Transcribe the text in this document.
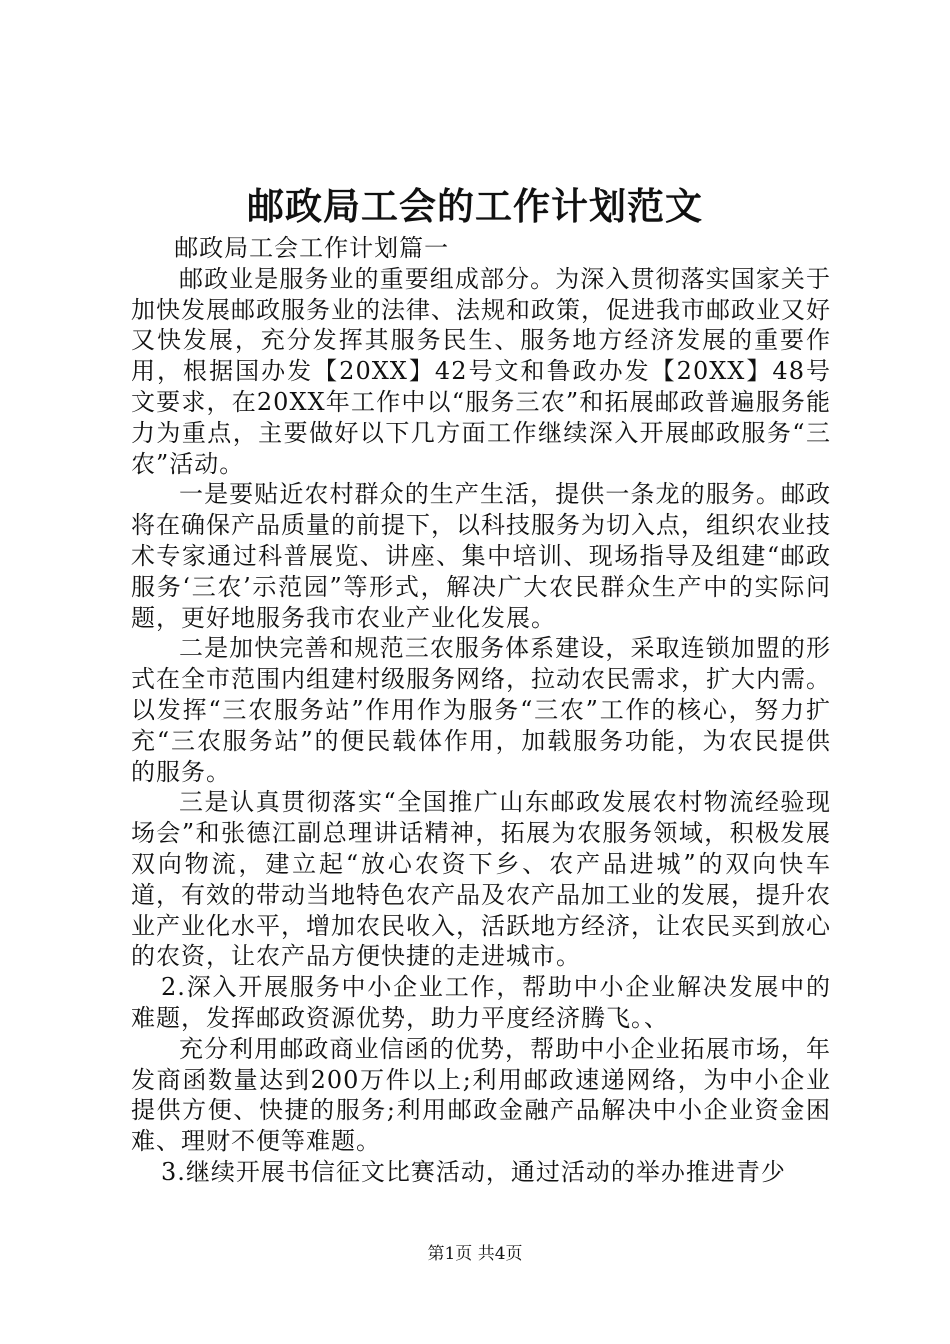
邮政局工会的工作计划范文

邮政局工会工作计划篇一

邮政业是服务业的重要组成部分。为深入贯彻落实国家关于加快发展邮政服务业的法律、法规和政策，促进我市邮政业又好又快发展，充分发挥其服务民生、服务地方经济发展的重要作用，根据国办发【20XX】42号文和鲁政办发【20XX】48号文要求，在20XX年工作中以“服务三农”和拓展邮政普遍服务能力为重点，主要做好以下几方面工作继续深入开展邮政服务“三农”活动。

一是要贴近农村群众的生产生活，提供一条龙的服务。邮政将在确保产品质量的前提下，以科技服务为切入点，组织农业技术专家通过科普展览、讲座、集中培训、现场指导及组建“邮政服务‘三农’示范园”等形式，解决广大农民群众生产中的实际问题，更好地服务我市农业产业化发展。

二是加快完善和规范三农服务体系建设，采取连锁加盟的形式在全市范围内组建村级服务网络，拉动农民需求，扩大内需。以发挥“三农服务站”作用作为服务“三农”工作的核心，努力扩充“三农服务站”的便民载体作用，加载服务功能，为农民提供的服务。

三是认真贯彻落实“全国推广山东邮政发展农村物流经验现场会”和张德江副总理讲话精神，拓展为农服务领域，积极发展双向物流，建立起“放心农资下乡、农产品进城”的双向快车道，有效的带动当地特色农产品及农产品加工业的发展，提升农业产业化水平，增加农民收入，活跃地方经济，让农民买到放心的农资，让农产品方便快捷的走进城市。

2.深入开展服务中小企业工作，帮助中小企业解决发展中的难题，发挥邮政资源优势，助力平度经济腾飞。、

充分利用邮政商业信函的优势，帮助中小企业拓展市场，年发商函数量达到200万件以上;利用邮政速递网络，为中小企业提供方便、快捷的服务;利用邮政金融产品解决中小企业资金困难、理财不便等难题。

3.继续开展书信征文比赛活动，通过活动的举办推进青少

第1页 共4页
